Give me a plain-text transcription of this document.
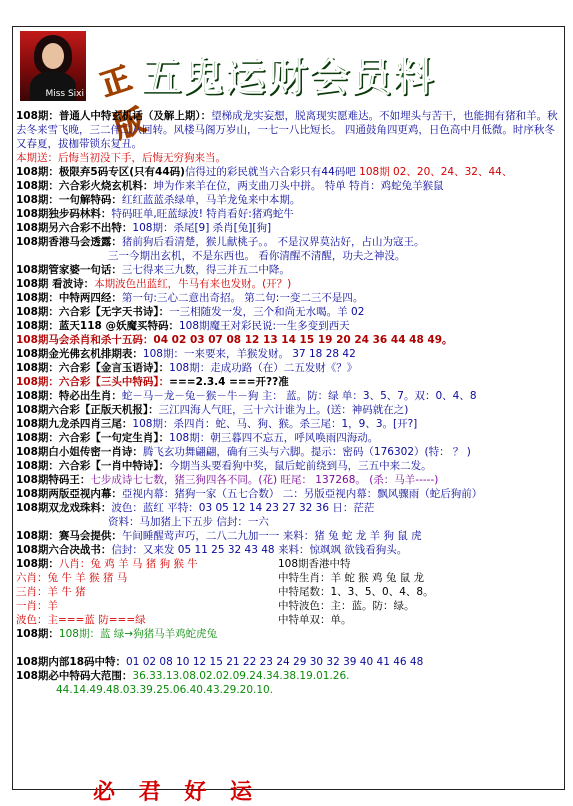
Miss Sixi 正版
五鬼运财会员料
108期：普通人中特玄机话（及解上期）：望梯成龙实妄想，脱离现实愿难达。不如埋头与苦干，也能拥有猪和羊。秋去冬来雪飞晚，三二伴二八回转。风楼马阁万岁山，一七一八比短长。 四通鼓角四更鸡，日色高中月低微。时序秋冬又春夏，拔枷带锁东复丑。
本期送：后悔当初没下手，后悔无穷狗来当。
108期：极限弃5码专区(只有44码)信得过的彩民就当六合彩只有44码吧 108期 02、20、24、32、44、
108期：六合彩火烧玄机料：坤为作来羊在位，两支曲刀头中拼。 特单 特肖：鸡蛇兔羊猴鼠
108期：一句解特码：红红蓝蓝杀绿单，马羊龙兔来中本期。
108期独步码林料：特码旺单,旺蓝绿波! 特肖看好:猪鸡蛇牛
108期另六合彩不出特：108期：杀尾[9] 杀肖[兔][狗]
108期香港马会透露：猪前狗后看清楚，猴儿献桃子。。 不是汉界莫沾好，占山为寇王。
三一今期出玄机，不是东西也。 看你清醒不清醒，功夫之神没。
108期管家婆一句话：三七得来三九数，得三并五二中降。
108期 看波诗：本期波色出蓝红，牛马有来也发财。(开？)
108期：中特两四经：第一句:三心二意出奇招。 第二句:一变二三不是四。
108期：六合彩【无字天书诗】：一三相随发一发，三个和尚无水喝。羊 02
108期：蓝天118 @妖魔买特码：108期魔王对彩民说:一生多变到西天
108期马会杀肖和杀十五码：04 02 03 07 08 12 13 14 15 19 20 24 36 44 48 49。
108期金光佛玄机排期表：108期：一来要来，羊猴发财。 37 18 28 42
108期：六合彩【金言玉语诗】：108期：走成功路（在）二五发财《？》
108期：六合彩【三头中特码】：===2.3.4 ===开??准
108期：特必出生肖：蛇－马－龙－兔－猴－牛－狗 主： 蓝。防：绿 单：3、5、7。双：0、4、8
108期六合彩【正版天机报】：三江四海人气旺，三十六计谁为上。(送：神码就在之)
108期九龙杀四肖三尾：108期：杀四肖：蛇、马、狗、猴。杀三尾：1，9、3。[开?]
108期：六合彩【一句定生肖】：108期：朝三暮四不忘五，呼风唤雨四海动。
108期白小姐传密一肖诗：腾飞玄功舞翩翩，确有三头与六脚。提示：密码（176302）(特： ？ )
108期：六合彩【一肖中特诗】：今期当头要看狗中奖，鼠后蛇前绕到马，三五中来二发。
108期特码王：七步成诗七七数，猪三狗四各不同。(花) 旺尾： 137268。 (杀：马羊-----)
108期两版亞视内幕：亞视内幕：猪狗一家（五七合数） 二：另版亞视内幕：飘风骤雨（蛇后狗前）
108期双龙戏珠料：波色：蓝红 平特：03 05 12 14 23 27 32 36 日：茫茫
资料：马加猪上下五步 信封：一六
108期：赛马会提供：午间睡醒莺声巧，二八二九加一一 来料：猪 兔 蛇 龙 羊 狗 鼠 虎
108期六合决战书：信封：又来发 05 11 25 32 43 48 来料：惊飒飒 欲钱看狗头。
108期：八肖：兔 鸡 羊 马 猪 狗 猴 牛
六肖：兔 牛 羊 猴 猪 马
三肖：羊 牛 猪
一肖：羊
波色：主===蓝 防===绿
108期：108期：蓝 绿→狗猪马羊鸡蛇虎兔
108期香港中特
中特生肖：羊 蛇 猴 鸡 兔 鼠 龙
中特尾数：1、3、5、0、4、8。
中特波色：主：蓝。防：绿。
中特单双：单。
108期内部18码中特：01 02 08 10 12 15 21 22 23 24 29 30 32 39 40 41 46 48
108期必中特码大范围：36.33.13.08.02.02.09.24.34.38.19.01.26.
44.14.49.48.03.39.25.06.40.43.29.20.10.
必 君 好 运
